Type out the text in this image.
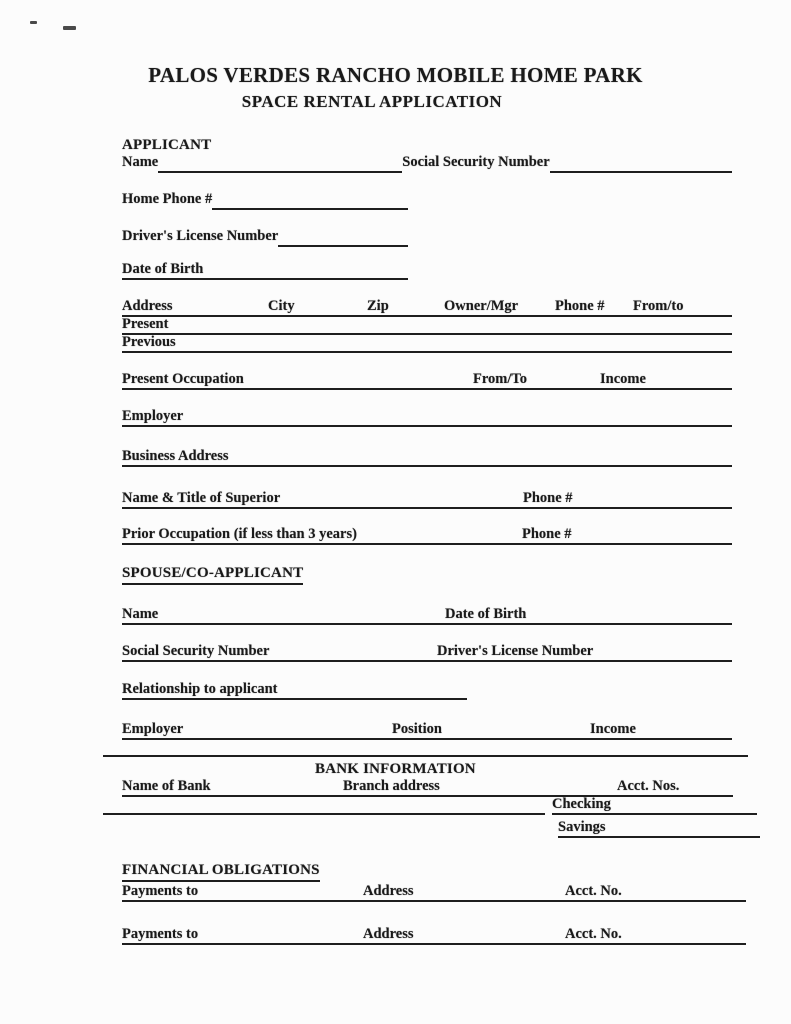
PALOS VERDES RANCHO MOBILE HOME PARK
SPACE RENTAL APPLICATION
APPLICANT
Name	Social Security Number
Home Phone #
Driver's License Number
Date of Birth
Address	City	Zip	Owner/Mgr	Phone # From/to
Present
Previous
Present Occupation	From/To	Income
Employer
Business Address
Name & Title of Superior	Phone #
Prior Occupation (if less than 3 years)	Phone #
SPOUSE/CO-APPLICANT
Name	Date of Birth
Social Security Number	Driver's License Number
Relationship to applicant
Employer	Position	Income
BANK INFORMATION
Name of Bank	Branch address	Acct. Nos.
Checking
Savings
FINANCIAL OBLIGATIONS
Payments to	Address	Acct. No.
Payments to	Address	Acct. No.
